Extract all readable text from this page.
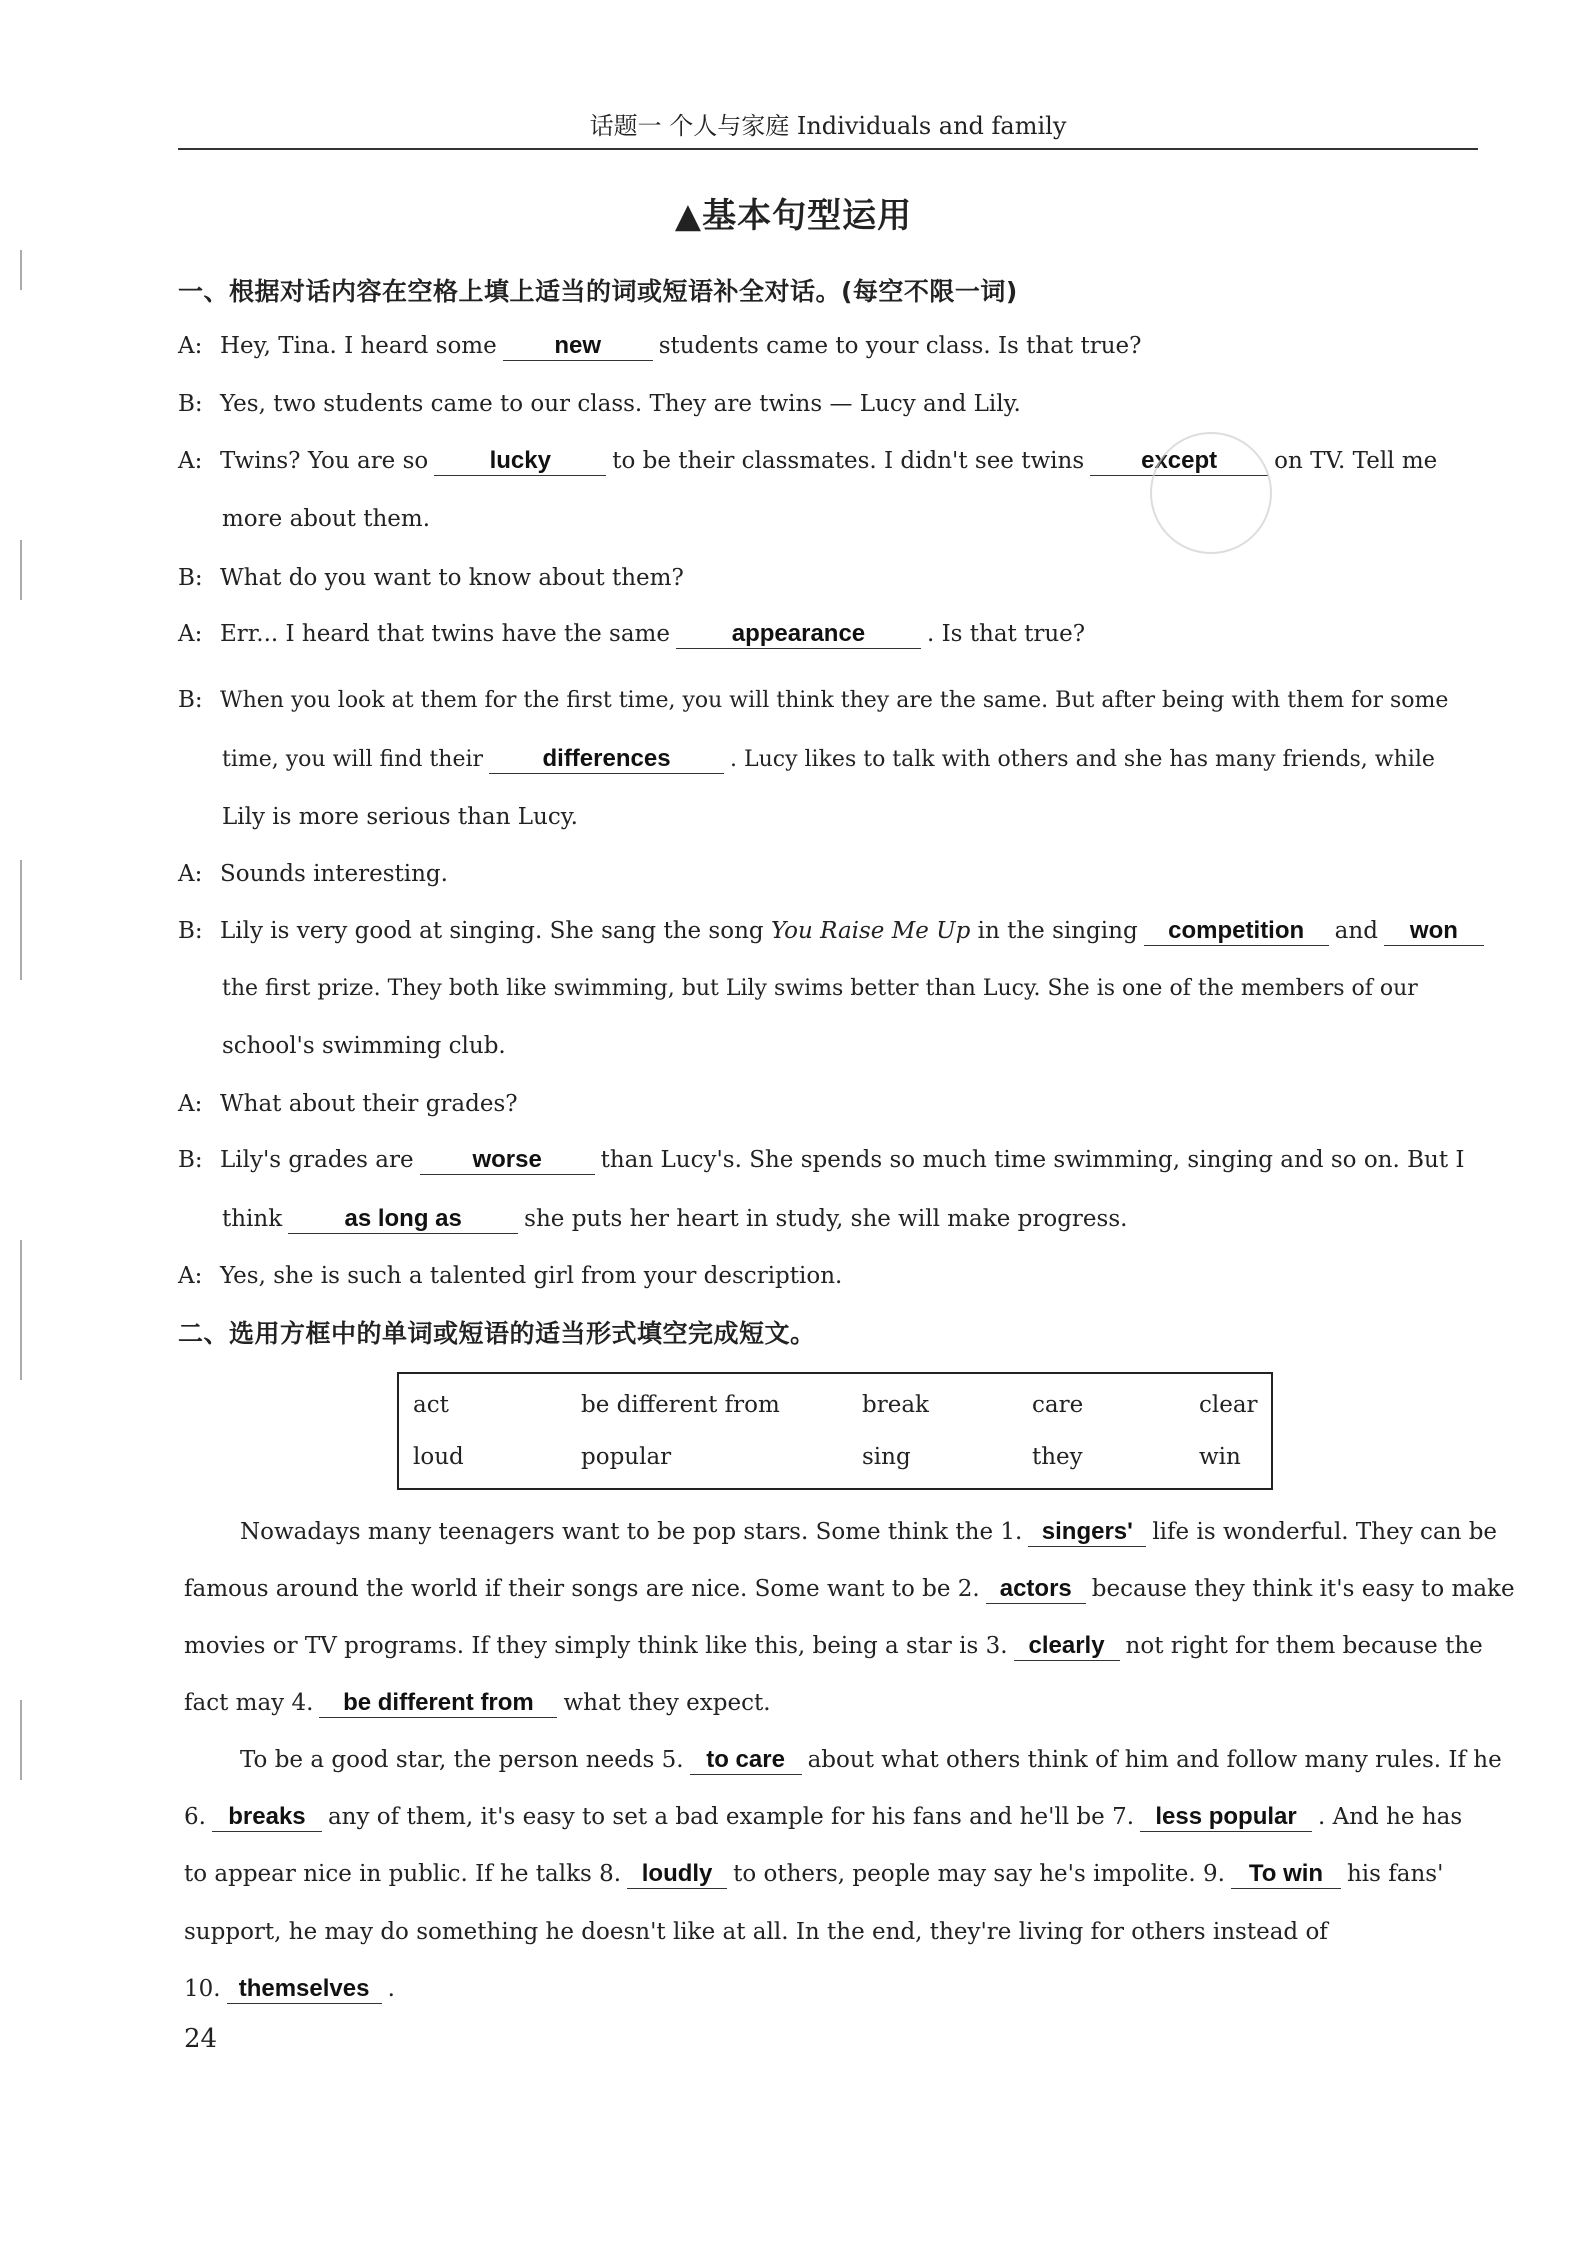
话题一 个人与家庭 Individuals and family
▲基本句型运用
一、根据对话内容在空格上填上适当的词或短语补全对话。(每空不限一词)
A: Hey, Tina. I heard some new	students came to your class. Is that true?
B: Yes, two students came to our class. They are twins — Lucy and Lily.
A: Twins? You are so	lucky	to be their classmates. I didn't see twins except on TV. Tell me
more about them.
B: What do you want to know about them?
A: Err... I heard that twins have the same	appearance	. Is that true?
B: When you look at them for the first time, you will think they are the same. But after being with them for some
time, you will find their differences	. Lucy likes to talk with others and she has many friends, while
Lily is more serious than Lucy.
A: Sounds interesting.
B: Lily is very good at singing. She sang the song You Raise Me Up in the singing competition and won
the first prize. They both like swimming, but Lily swims better than Lucy. She is one of the members of our
school's swimming club.
A: What about their grades?
B: Lily's grades are worse	than Lucy's. She spends so much time swimming, singing and so on. But I
think	as long as	she puts her heart in study, she will make progress.
A: Yes, she is such a talented girl from your description.
二、选用方框中的单词或短语的适当形式填空完成短文。
act	be different from	break	care	clear
loud	popular	sing	they	win
Nowadays many teenagers want to be pop stars. Some think the 1. singers' life is wonderful. They can be
famous around the world if their songs are nice. Some want to be 2. actors because they think it's easy to make
movies or TV programs. If they simply think like this, being a star is 3. clearly not right for them because the
fact may 4. be different from what they expect.
To be a good star, the person needs 5. to care about what others think of him and follow many rules. If he
6. breaks any of them, it's easy to set a bad example for his fans and he'll be 7. less popular . And he has
to appear nice in public. If he talks 8. loudly to others, people may say he's impolite. 9. To win his fans'
support, he may do something he doesn't like at all. In the end, they're living for others instead of
10. themselves .
24
